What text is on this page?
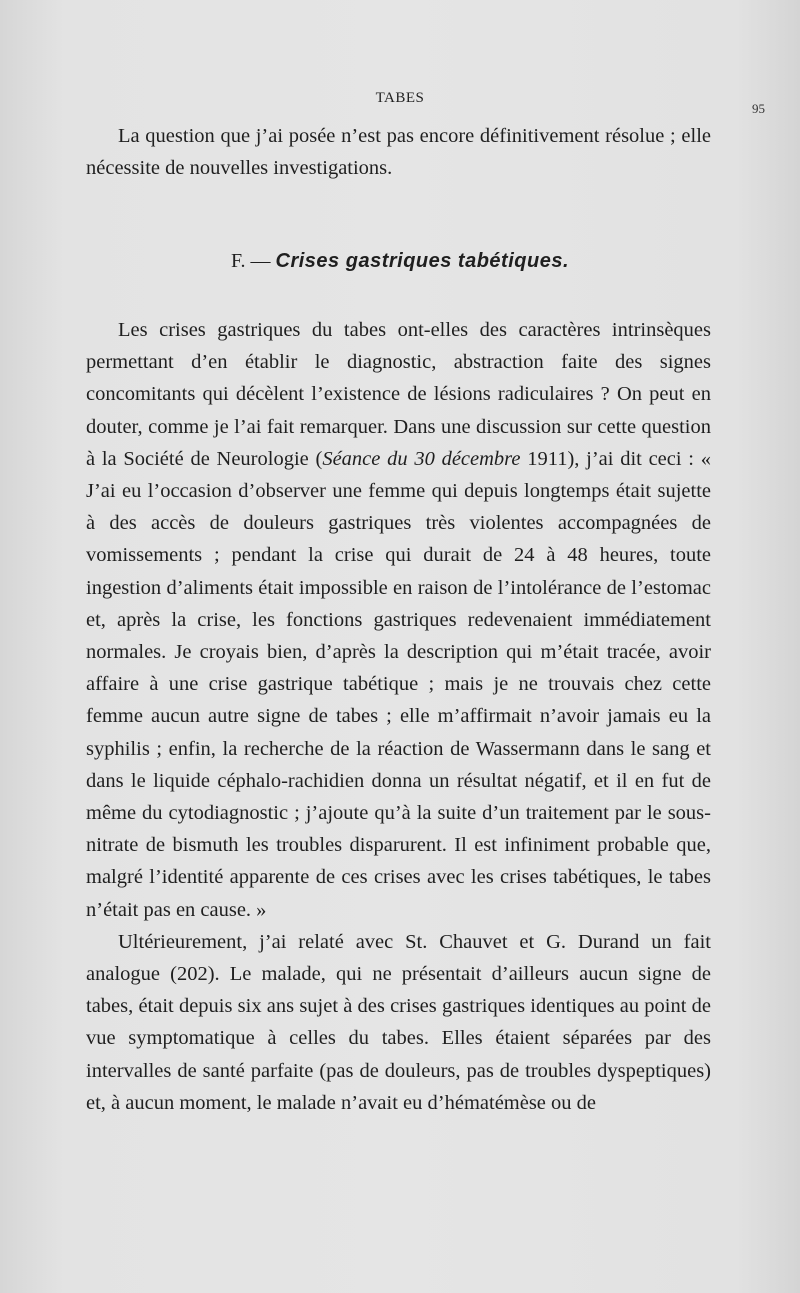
TABES
95

La question que j’ai posée n’est pas encore définitivement résolue ; elle nécessite de nouvelles investigations.

F. — Crises gastriques tabétiques.

Les crises gastriques du tabes ont-elles des caractères intrinsèques permettant d’en établir le diagnostic, abstraction faite des signes concomitants qui décèlent l’existence de lésions radiculaires ? On peut en douter, comme je l’ai fait remarquer. Dans une discussion sur cette question à la Société de Neurologie (Séance du 30 décembre 1911), j’ai dit ceci : « J’ai eu l’occasion d’observer une femme qui depuis longtemps était sujette à des accès de douleurs gastriques très violentes accompagnées de vomissements ; pendant la crise qui durait de 24 à 48 heures, toute ingestion d’aliments était impossible en raison de l’intolérance de l’estomac et, après la crise, les fonctions gastriques redevenaient immédiatement normales. Je croyais bien, d’après la description qui m’était tracée, avoir affaire à une crise gastrique tabétique ; mais je ne trouvais chez cette femme aucun autre signe de tabes ; elle m’affirmait n’avoir jamais eu la syphilis ; enfin, la recherche de la réaction de Wassermann dans le sang et dans le liquide céphalo-rachidien donna un résultat négatif, et il en fut de même du cytodiagnostic ; j’ajoute qu’à la suite d’un traitement par le sous-nitrate de bismuth les troubles disparurent. Il est infiniment probable que, malgré l’identité apparente de ces crises avec les crises tabétiques, le tabes n’était pas en cause. »

Ultérieurement, j’ai relaté avec St. Chauvet et G. Durand un fait analogue (202). Le malade, qui ne présentait d’ailleurs aucun signe de tabes, était depuis six ans sujet à des crises gastriques identiques au point de vue symptomatique à celles du tabes. Elles étaient séparées par des intervalles de santé parfaite (pas de douleurs, pas de troubles dyspeptiques) et, à aucun moment, le malade n’avait eu d’hématémèse ou de
